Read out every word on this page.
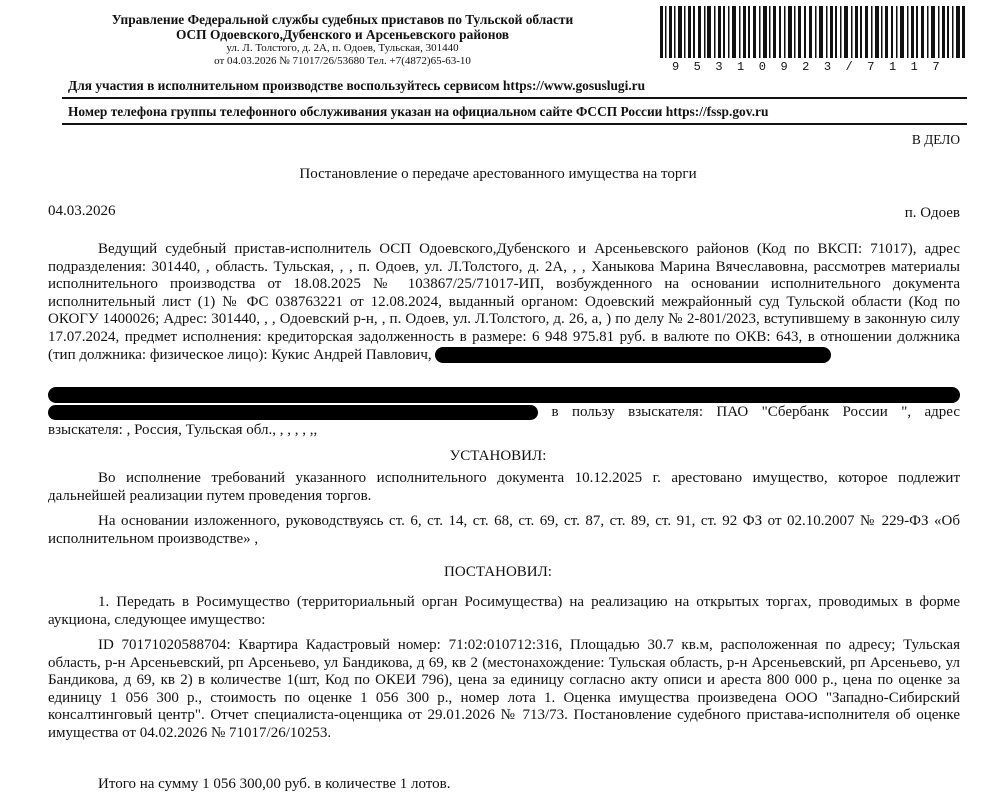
Управление Федеральной службы судебных приставов по Тульской области
ОСП Одоевского,Дубенского и Арсеньевского районов
ул. Л. Толстого, д. 2А, п. Одоев, Тульская, 301440
от 04.03.2026 № 71017/26/53680 Тел. +7(4872)65-63-10	95310923/7117
Для участия в исполнительном производстве воспользуйтесь сервисом https://www.gosuslugi.ru
Номер телефона группы телефонного обслуживания указан на официальном сайте ФССП России https://fssp.gov.ru
В ДЕЛО
Постановление о передаче арестованного имущества на торги
04.03.2026	п. Одоев
Ведущий судебный пристав-исполнитель ОСП Одоевского,Дубенского и Арсеньевского районов (Код по ВКСП: 71017), адрес подразделения: 301440, , область. Тульская, , , п. Одоев, ул. Л.Толстого, д. 2А, , , Ханыкова Марина Вячеславовна, рассмотрев материалы исполнительного производства от 18.08.2025 № 103867/25/71017-ИП, возбужденного на основании исполнительного документа исполнительный лист (1) № ФС 038763221 от 12.08.2024, выданный органом: Одоевский межрайонный суд Тульской области (Код по ОКОГУ 1400026; Адрес: 301440, , , Одоевский р-н, , п. Одоев, ул. Л.Толстого, д. 26, а, ) по делу № 2-801/2023, вступившему в законную силу 17.07.2024, предмет исполнения: кредиторская задолженность в размере: 6 948 975.81 руб. в валюте по ОКВ: 643, в отношении должника (тип должника: физическое лицо): Кукис Андрей Павлович,
в пользу взыскателя: ПАО "Сбербанк России ", адрес взыскателя: , Россия, Тульская обл., , , , , ,,
УСТАНОВИЛ:
Во исполнение требований указанного исполнительного документа 10.12.2025 г. арестовано имущество, которое подлежит дальнейшей реализации путем проведения торгов.
На основании изложенного, руководствуясь ст. 6, ст. 14, ст. 68, ст. 69, ст. 87, ст. 89, ст. 91, ст. 92 ФЗ от 02.10.2007 № 229-ФЗ «Об исполнительном производстве» ,
ПОСТАНОВИЛ:
1. Передать в Росимущество (территориальный орган Росимущества) на реализацию на открытых торгах, проводимых в форме аукциона, следующее имущество:
ID 70171020588704: Квартира Кадастровый номер: 71:02:010712:316, Площадью 30.7 кв.м, расположенная по адресу; Тульская область, р-н Арсеньевский, рп Арсеньево, ул Бандикова, д 69, кв 2 (местонахождение: Тульская область, р-н Арсеньевский, рп Арсеньево, ул Бандикова, д 69, кв 2) в количестве 1(шт, Код по ОКЕИ 796), цена за единицу согласно акту описи и ареста 800 000 р., цена по оценке за единицу 1 056 300 р., стоимость по оценке 1 056 300 р., номер лота 1. Оценка имущества произведена ООО "Западно-Сибирский консалтинговый центр". Отчет специалиста-оценщика от 29.01.2026 № 713/73. Постановление судебного пристава-исполнителя об оценке имущества от 04.02.2026 № 71017/26/10253.
Итого на сумму 1 056 300,00 руб. в количестве 1 лотов.
